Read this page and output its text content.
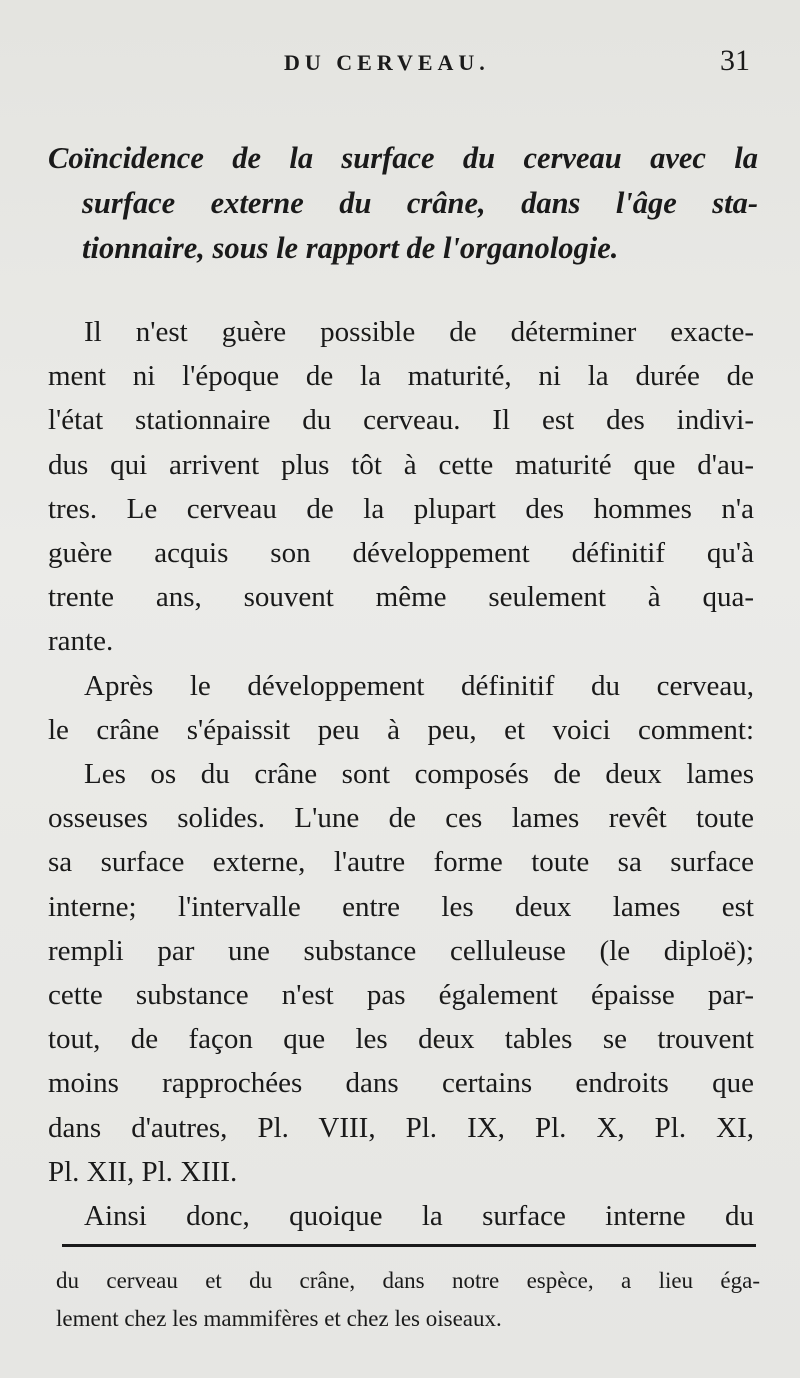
DU CERVEAU.	31
Coïncidence de la surface du cerveau avec la
surface externe du crâne, dans l'âge sta-
tionnaire, sous le rapport de l'organologie.
Il n'est guère possible de déterminer exacte-
ment ni l'époque de la maturité, ni la durée de
l'état stationnaire du cerveau. Il est des indivi-
dus qui arrivent plus tôt à cette maturité que d'au-
tres. Le cerveau de la plupart des hommes n'a
guère acquis son développement définitif qu'à
trente ans, souvent même seulement à qua-
rante.
Après le développement définitif du cerveau,
le crâne s'épaissit peu à peu, et voici comment:
Les os du crâne sont composés de deux lames
osseuses solides. L'une de ces lames revêt toute
sa surface externe, l'autre forme toute sa surface
interne; l'intervalle entre les deux lames est
rempli par une substance celluleuse (le diploë);
cette substance n'est pas également épaisse par-
tout, de façon que les deux tables se trouvent
moins rapprochées dans certains endroits que
dans d'autres, Pl. VIII, Pl. IX, Pl. X, Pl. XI,
Pl. XII, Pl. XIII.
Ainsi donc, quoique la surface interne du
du cerveau et du crâne, dans notre espèce, a lieu éga-
lement chez les mammifères et chez les oiseaux.
